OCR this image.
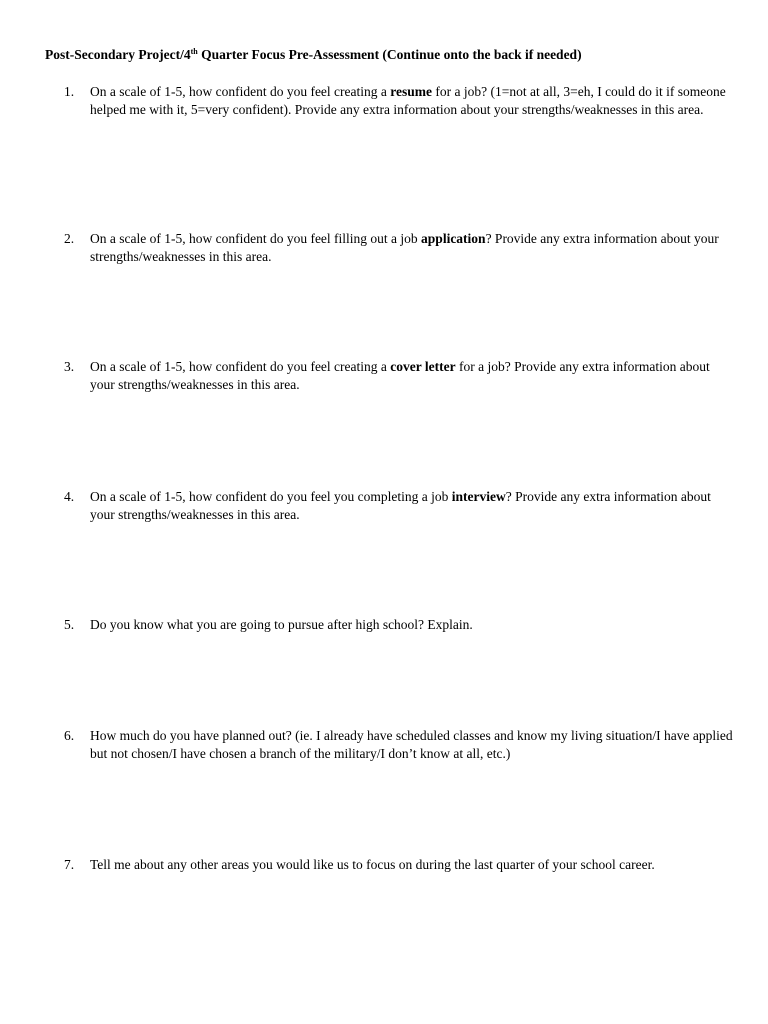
Post-Secondary Project/4th Quarter Focus Pre-Assessment (Continue onto the back if needed)
1.	On a scale of 1-5, how confident do you feel creating a resume for a job? (1=not at all, 3=eh, I could do it if someone helped me with it, 5=very confident). Provide any extra information about your strengths/weaknesses in this area.
2.	On a scale of 1-5, how confident do you feel filling out a job application? Provide any extra information about your strengths/weaknesses in this area.
3.	On a scale of 1-5, how confident do you feel creating a cover letter for a job? Provide any extra information about your strengths/weaknesses in this area.
4.	On a scale of 1-5, how confident do you feel you completing a job interview? Provide any extra information about your strengths/weaknesses in this area.
5.	Do you know what you are going to pursue after high school? Explain.
6.	How much do you have planned out? (ie. I already have scheduled classes and know my living situation/I have applied but not chosen/I have chosen a branch of the military/I don’t know at all, etc.)
7.	Tell me about any other areas you would like us to focus on during the last quarter of your school career.
